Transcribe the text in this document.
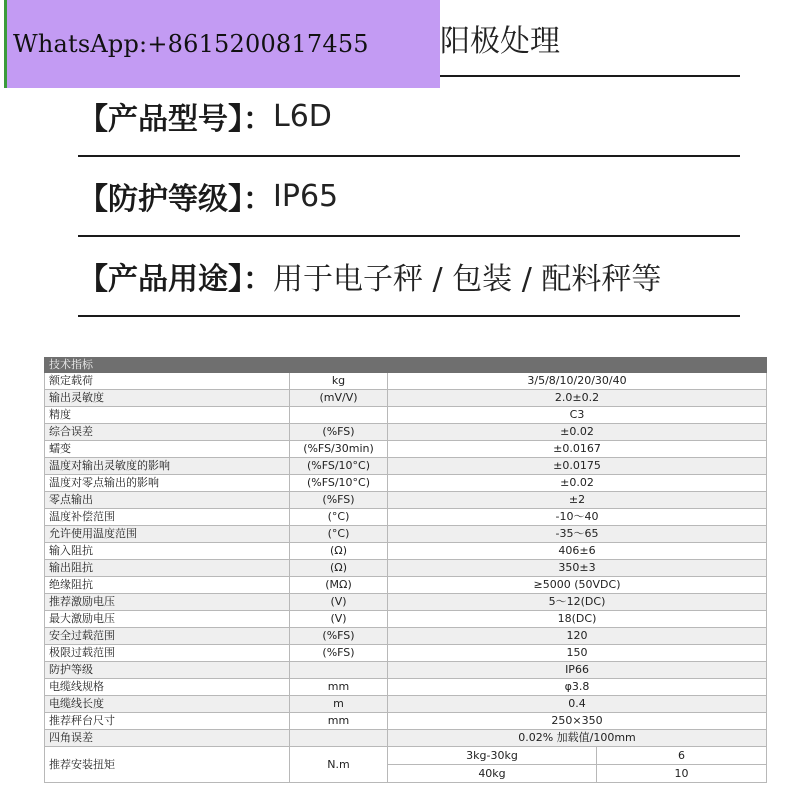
WhatsApp:+8615200817455 阳极处理
【产品型号】： L6D
【防护等级】： IP65
【产品用途】： 用于电子秤 / 包装 / 配料秤等
技术指标			
额定载荷	kg	3/5/8/10/20/30/40	
输出灵敏度	(mV/V)	2.0±0.2	
精度		C3	
综合误差	(%FS)	±0.02	
蠕变	(%FS/30min)	±0.0167	
温度对输出灵敏度的影响	(%FS/10°C)	±0.0175	
温度对零点输出的影响	(%FS/10°C)	±0.02	
零点输出	(%FS)	±2	
温度补偿范围	(°C)	-10～40	
允许使用温度范围	(°C)	-35～65	
输入阻抗	(Ω)	406±6	
输出阻抗	(Ω)	350±3	
绝缘阻抗	(MΩ)	≥5000 (50VDC)	
推荐激励电压	(V)	5～12(DC)	
最大激励电压	(V)	18(DC)	
安全过载范围	(%FS)	120	
极限过载范围	(%FS)	150	
防护等级		IP66	
电缆线规格	mm	φ3.8	
电缆线长度	m	0.4	
推荐秤台尺寸	mm	250×350	
四角误差		0.02% 加载值/100mm	
推荐安装扭矩	N.m	3kg-30kg	6
		40kg	10
